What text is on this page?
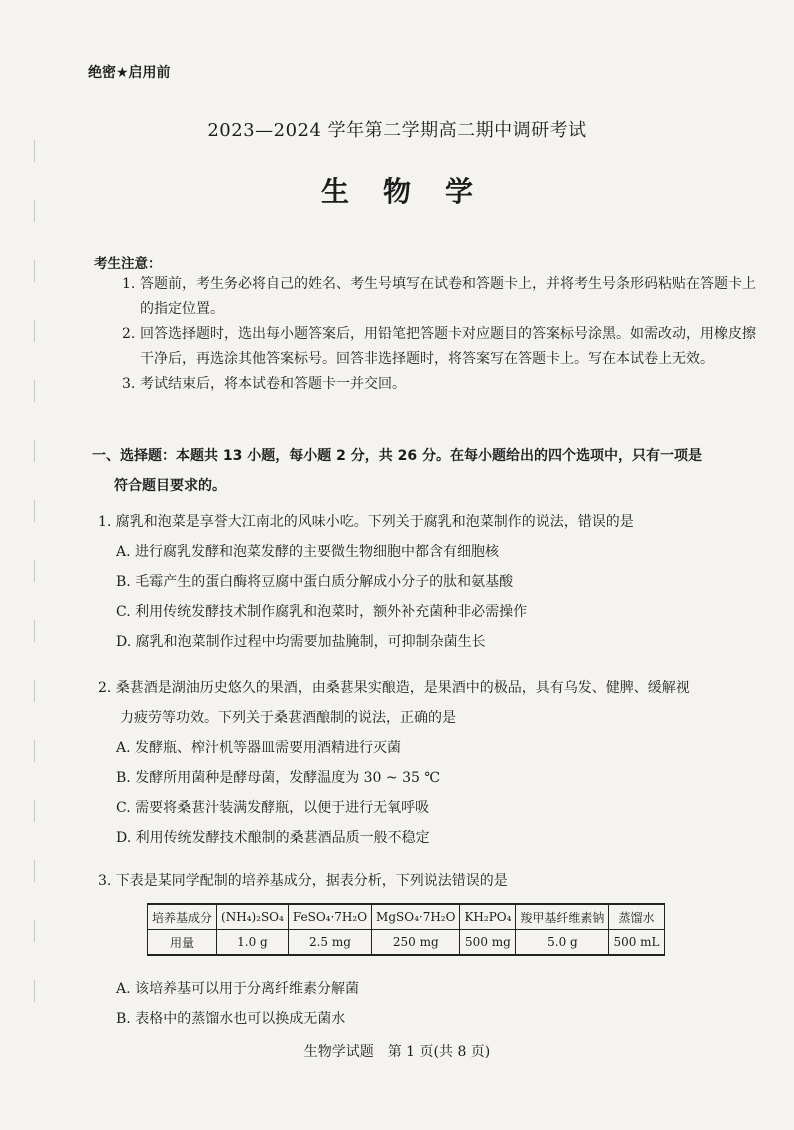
绝密★启用前
2023—2024 学年第二学期高二期中调研考试
生物学
考生注意：
1. 答题前，考生务必将自己的姓名、考生号填写在试卷和答题卡上，并将考生号条形码粘贴在答题卡上的指定位置。
2. 回答选择题时，选出每小题答案后，用铅笔把答题卡对应题目的答案标号涂黑。如需改动，用橡皮擦干净后，再选涂其他答案标号。回答非选择题时，将答案写在答题卡上。写在本试卷上无效。
3. 考试结束后，将本试卷和答题卡一并交回。
一、选择题：本题共 13 小题，每小题 2 分，共 26 分。在每小题给出的四个选项中，只有一项是
符合题目要求的。
1. 腐乳和泡菜是享誉大江南北的风味小吃。下列关于腐乳和泡菜制作的说法，错误的是
A. 进行腐乳发酵和泡菜发酵的主要微生物细胞中都含有细胞核
B. 毛霉产生的蛋白酶将豆腐中蛋白质分解成小分子的肽和氨基酸
C. 利用传统发酵技术制作腐乳和泡菜时，额外补充菌种非必需操作
D. 腐乳和泡菜制作过程中均需要加盐腌制，可抑制杂菌生长
2. 桑葚酒是湖油历史悠久的果酒，由桑葚果实酿造，是果酒中的极品，具有乌发、健脾、缓解视
力疲劳等功效。下列关于桑葚酒酿制的说法，正确的是
A. 发酵瓶、榨汁机等器皿需要用酒精进行灭菌
B. 发酵所用菌种是酵母菌，发酵温度为 30 ~ 35 ℃
C. 需要将桑葚汁装满发酵瓶，以便于进行无氧呼吸
D. 利用传统发酵技术酿制的桑葚酒品质一般不稳定
3. 下表是某同学配制的培养基成分，据表分析，下列说法错误的是
培养基成分	(NH₄)₂SO₄	FeSO₄·7H₂O	MgSO₄·7H₂O	KH₂PO₄	羧甲基纤维素钠	蒸馏水
用量	1.0 g	2.5 mg	250 mg	500 mg	5.0 g	500 mL
A. 该培养基可以用于分离纤维素分解菌
B. 表格中的蒸馏水也可以换成无菌水
生物学试题　第 1 页(共 8 页)
